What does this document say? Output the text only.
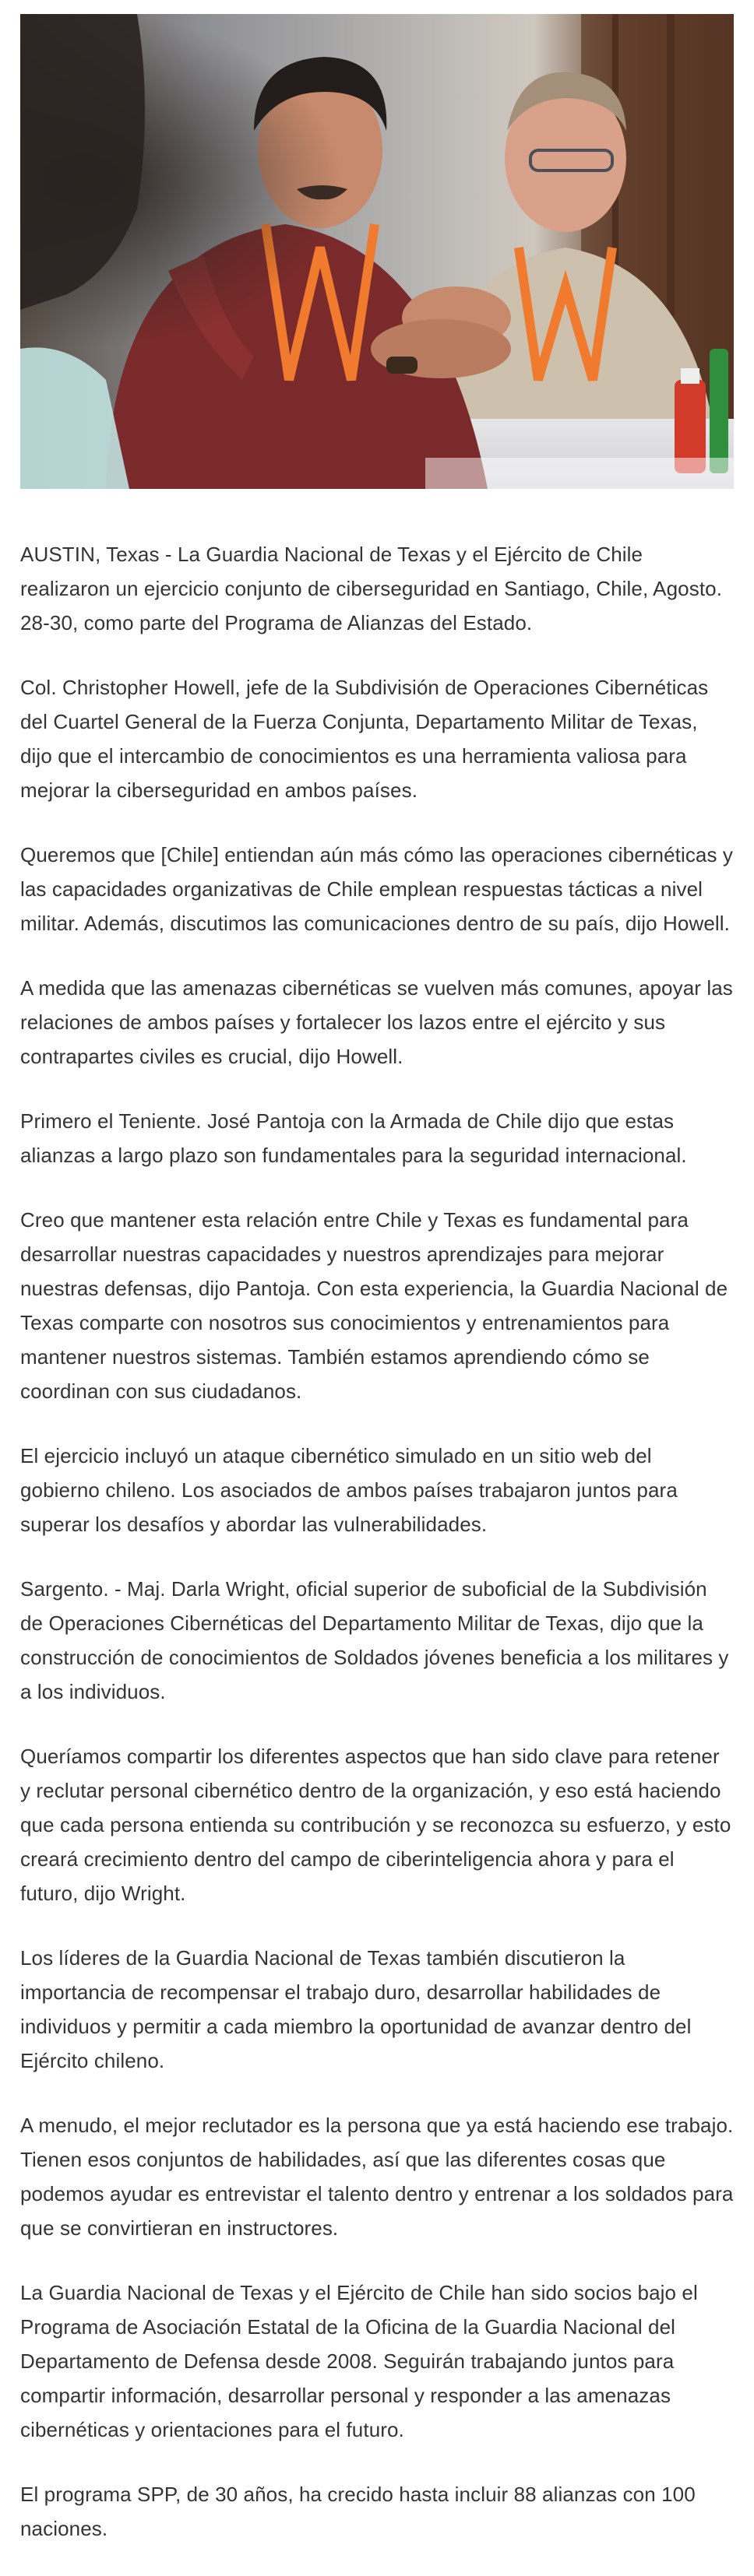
AUSTIN, Texas - La Guardia Nacional de Texas y el Ejército de Chile realizaron un ejercicio conjunto de ciberseguridad en Santiago, Chile, Agosto. 28-30, como parte del Programa de Alianzas del Estado.

Col. Christopher Howell, jefe de la Subdivisión de Operaciones Cibernéticas del Cuartel General de la Fuerza Conjunta, Departamento Militar de Texas, dijo que el intercambio de conocimientos es una herramienta valiosa para mejorar la ciberseguridad en ambos países.

Queremos que [Chile] entiendan aún más cómo las operaciones cibernéticas y las capacidades organizativas de Chile emplean respuestas tácticas a nivel militar. Además, discutimos las comunicaciones dentro de su país, dijo Howell.

A medida que las amenazas cibernéticas se vuelven más comunes, apoyar las relaciones de ambos países y fortalecer los lazos entre el ejército y sus contrapartes civiles es crucial, dijo Howell.

Primero el Teniente. José Pantoja con la Armada de Chile dijo que estas alianzas a largo plazo son fundamentales para la seguridad internacional.

Creo que mantener esta relación entre Chile y Texas es fundamental para desarrollar nuestras capacidades y nuestros aprendizajes para mejorar nuestras defensas, dijo Pantoja. Con esta experiencia, la Guardia Nacional de Texas comparte con nosotros sus conocimientos y entrenamientos para mantener nuestros sistemas. También estamos aprendiendo cómo se coordinan con sus ciudadanos.

El ejercicio incluyó un ataque cibernético simulado en un sitio web del gobierno chileno. Los asociados de ambos países trabajaron juntos para superar los desafíos y abordar las vulnerabilidades.

Sargento. - Maj. Darla Wright, oficial superior de suboficial de la Subdivisión de Operaciones Cibernéticas del Departamento Militar de Texas, dijo que la construcción de conocimientos de Soldados jóvenes beneficia a los militares y a los individuos.

Queríamos compartir los diferentes aspectos que han sido clave para retener y reclutar personal cibernético dentro de la organización, y eso está haciendo que cada persona entienda su contribución y se reconozca su esfuerzo, y esto creará crecimiento dentro del campo de ciberinteligencia ahora y para el futuro, dijo Wright.

Los líderes de la Guardia Nacional de Texas también discutieron la importancia de recompensar el trabajo duro, desarrollar habilidades de individuos y permitir a cada miembro la oportunidad de avanzar dentro del Ejército chileno.

A menudo, el mejor reclutador es la persona que ya está haciendo ese trabajo. Tienen esos conjuntos de habilidades, así que las diferentes cosas que podemos ayudar es entrevistar el talento dentro y entrenar a los soldados para que se convirtieran en instructores.

La Guardia Nacional de Texas y el Ejército de Chile han sido socios bajo el Programa de Asociación Estatal de la Oficina de la Guardia Nacional del Departamento de Defensa desde 2008. Seguirán trabajando juntos para compartir información, desarrollar personal y responder a las amenazas cibernéticas y orientaciones para el futuro.

El programa SPP, de 30 años, ha crecido hasta incluir 88 alianzas con 100 naciones.
